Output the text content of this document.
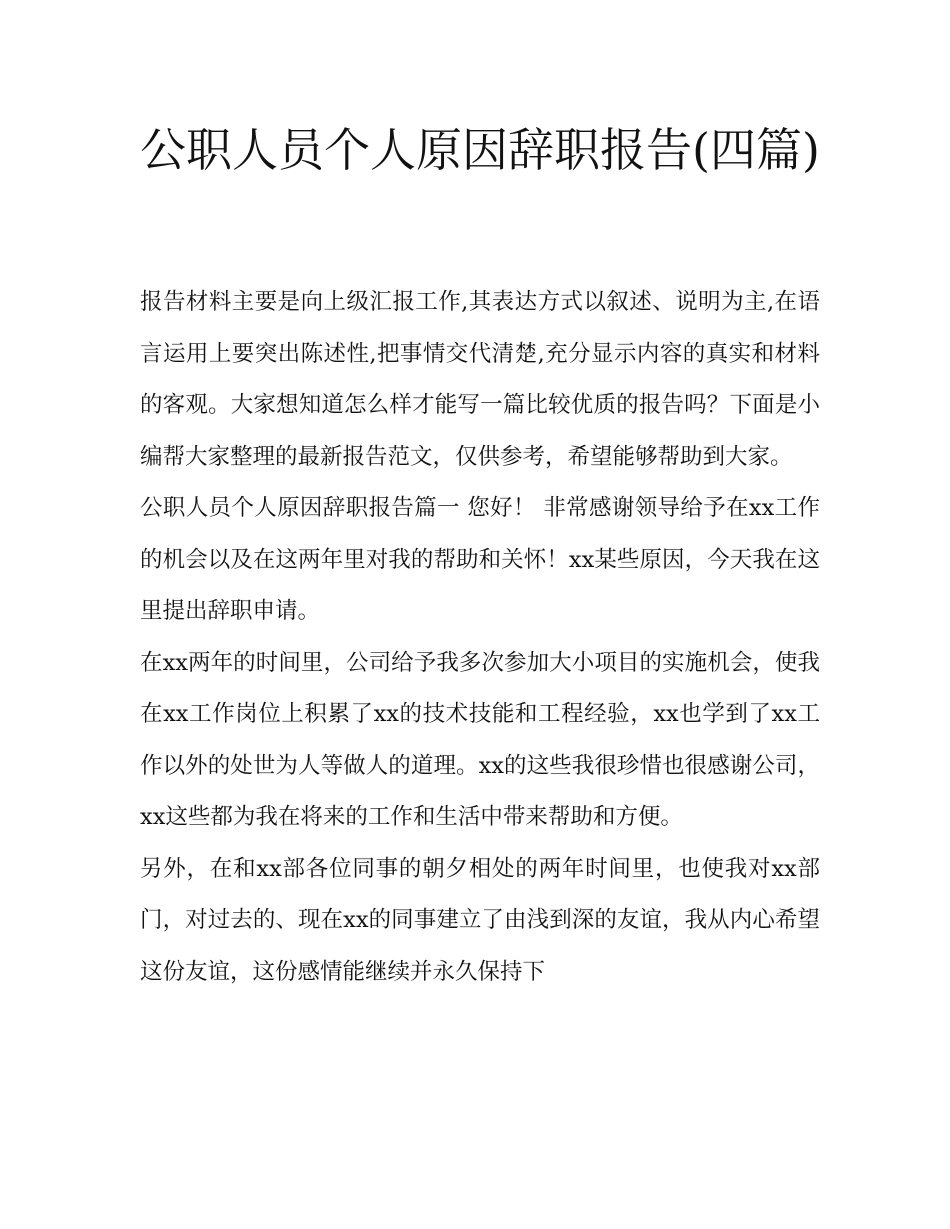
公职人员个人原因辞职报告(四篇)

报告材料主要是向上级汇报工作,其表达方式以叙述、说明为主,在语言运用上要突出陈述性,把事情交代清楚,充分显示内容的真实和材料的客观。大家想知道怎么样才能写一篇比较优质的报告吗？下面是小编帮大家整理的最新报告范文，仅供参考，希望能够帮助到大家。

公职人员个人原因辞职报告篇一 您好！ 非常感谢领导给予在xx工作的机会以及在这两年里对我的帮助和关怀！xx某些原因，今天我在这里提出辞职申请。

在xx两年的时间里，公司给予我多次参加大小项目的实施机会，使我在xx工作岗位上积累了xx的技术技能和工程经验，xx也学到了xx工作以外的处世为人等做人的道理。xx的这些我很珍惜也很感谢公司，xx这些都为我在将来的工作和生活中带来帮助和方便。

另外，在和xx部各位同事的朝夕相处的两年时间里，也使我对xx部门，对过去的、现在xx的同事建立了由浅到深的友谊，我从内心希望这份友谊，这份感情能继续并永久保持下
